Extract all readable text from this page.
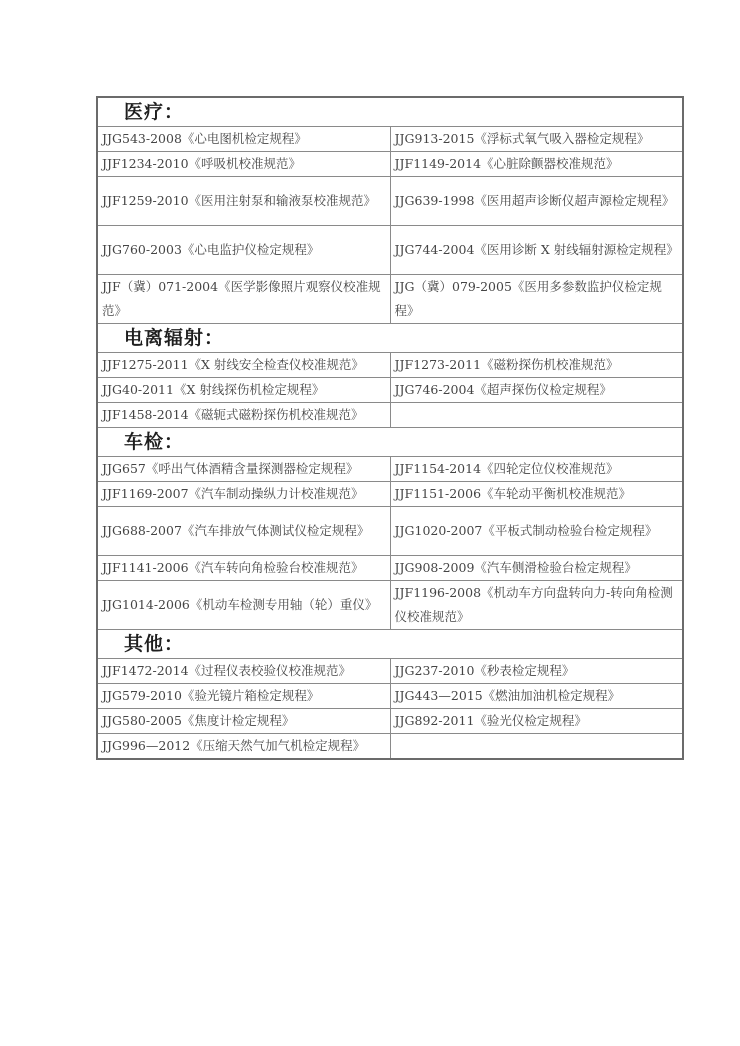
医疗：
JJG543-2008《心电图机检定规程》	JJG913-2015《浮标式氧气吸入器检定规程》
JJF1234-2010《呼吸机校准规范》	JJF1149-2014《心脏除颤器校准规范》
JJF1259-2010《医用注射泵和输液泵校准规范》	JJG639-1998《医用超声诊断仪超声源检定规程》
JJG760-2003《心电监护仪检定规程》	JJG744-2004《医用诊断 X 射线辐射源检定规程》
JJF（冀）071-2004《医学影像照片观察仪校准规范》	JJG（冀）079-2005《医用多参数监护仪检定规程》
电离辐射：
JJF1275-2011《X 射线安全检查仪校准规范》	JJF1273-2011《磁粉探伤机校准规范》
JJG40-2011《X 射线探伤机检定规程》	JJG746-2004《超声探伤仪检定规程》
JJF1458-2014《磁轭式磁粉探伤机校准规范》	
车检：
JJG657《呼出气体酒精含量探测器检定规程》	JJF1154-2014《四轮定位仪校准规范》
JJF1169-2007《汽车制动操纵力计校准规范》	JJF1151-2006《车轮动平衡机校准规范》
JJG688-2007《汽车排放气体测试仪检定规程》	JJG1020-2007《平板式制动检验台检定规程》
JJF1141-2006《汽车转向角检验台校准规范》	JJG908-2009《汽车侧滑检验台检定规程》
JJG1014-2006《机动车检测专用轴（轮）重仪》	JJF1196-2008《机动车方向盘转向力-转向角检测仪校准规范》
其他：
JJF1472-2014《过程仪表校验仪校准规范》	JJG237-2010《秒表检定规程》
JJG579-2010《验光镜片箱检定规程》	JJG443—2015《燃油加油机检定规程》
JJG580-2005《焦度计检定规程》	JJG892-2011《验光仪检定规程》
JJG996—2012《压缩天然气加气机检定规程》	
